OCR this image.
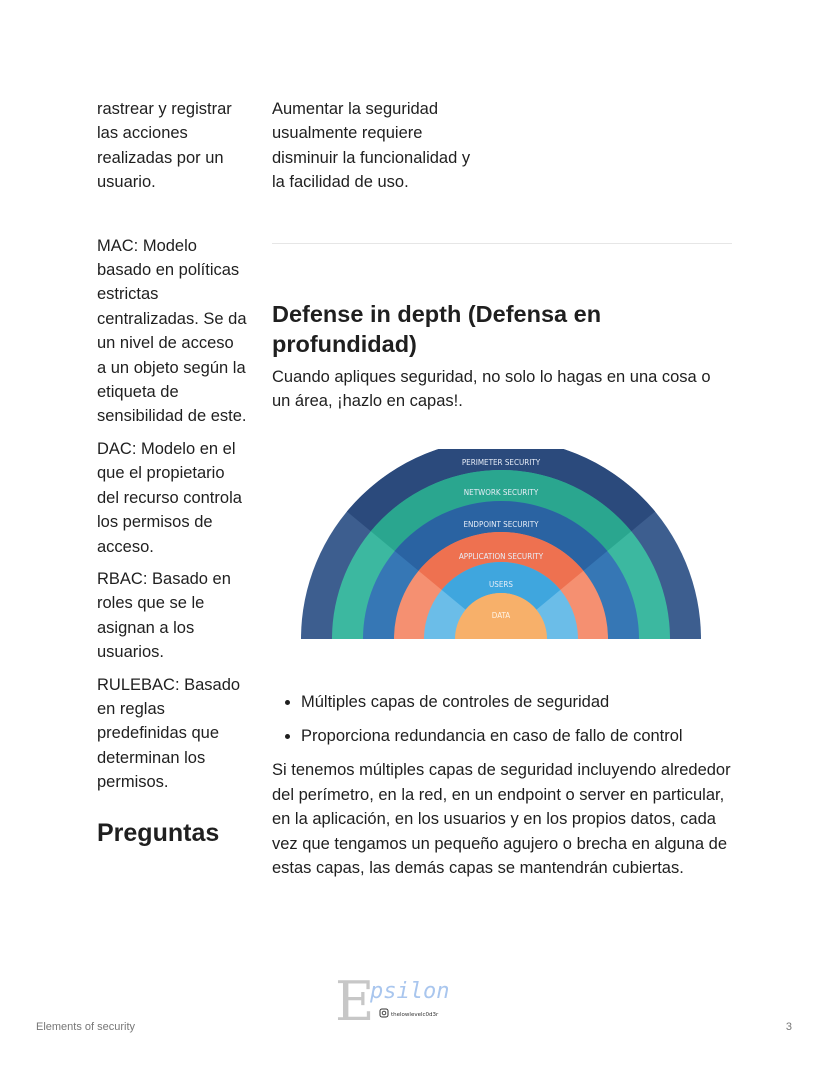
rastrear y registrar las acciones realizadas por un usuario.

MAC: Modelo basado en políticas estrictas centralizadas. Se da un nivel de acceso a un objeto según la etiqueta de sensibilidad de este.

DAC: Modelo en el que el propietario del recurso controla los permisos de acceso.

RBAC: Basado en roles que se le asignan a los usuarios.

RULEBAC: Basado en reglas predefinidas que determinan los permisos.

Preguntas

Aumentar la seguridad usualmente requiere disminuir la funcionalidad y la facilidad de uso.

Defense in depth (Defensa en profundidad)

Cuando apliques seguridad, no solo lo hagas en una cosa o un área, ¡hazlo en capas!.

PERIMETER SECURITY
NETWORK SECURITY
ENDPOINT SECURITY
APPLICATION SECURITY
USERS
DATA
• Múltiples capas de controles de seguridad
• Proporciona redundancia en caso de fallo de control

Si tenemos múltiples capas de seguridad incluyendo alrededor del perímetro, en la red, en un endpoint o server en particular, en la aplicación, en los usuarios y en los propios datos, cada vez que tengamos un pequeño agujero o brecha en alguna de estas capas, las demás capas se mantendrán cubiertas.

E
psilon
thelowlevelc0d3r
Elements of security	3
